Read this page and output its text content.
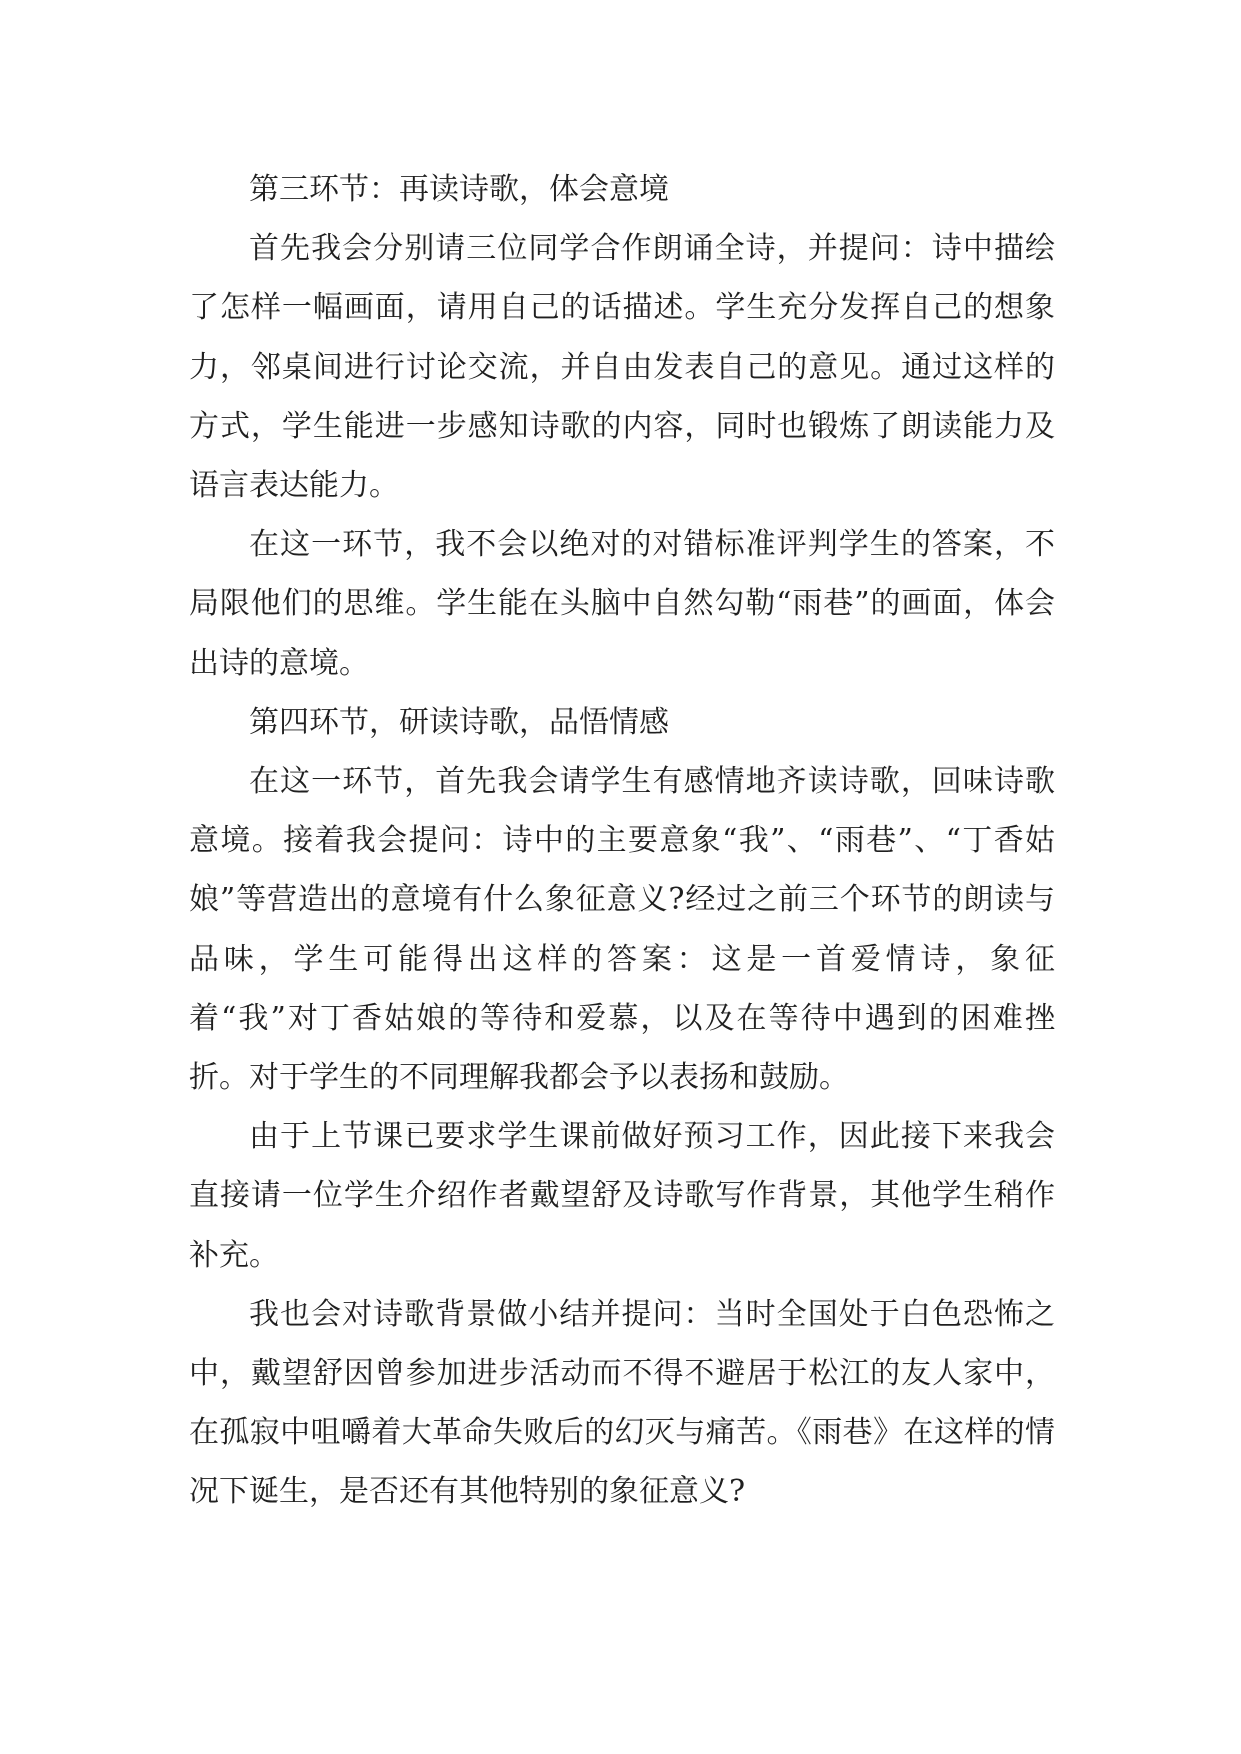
第三环节：再读诗歌，体会意境

首先我会分别请三位同学合作朗诵全诗，并提问：诗中描绘了怎样一幅画面，请用自己的话描述。学生充分发挥自己的想象力，邻桌间进行讨论交流，并自由发表自己的意见。通过这样的方式，学生能进一步感知诗歌的内容，同时也锻炼了朗读能力及语言表达能力。

在这一环节，我不会以绝对的对错标准评判学生的答案，不局限他们的思维。学生能在头脑中自然勾勒“雨巷”的画面，体会出诗的意境。

第四环节，研读诗歌，品悟情感

在这一环节，首先我会请学生有感情地齐读诗歌，回味诗歌意境。接着我会提问：诗中的主要意象“我”、“雨巷”、“丁香姑娘”等营造出的意境有什么象征意义?经过之前三个环节的朗读与品味，学生可能得出这样的答案：这是一首爱情诗，象征着“我”对丁香姑娘的等待和爱慕，以及在等待中遇到的困难挫折。对于学生的不同理解我都会予以表扬和鼓励。

由于上节课已要求学生课前做好预习工作，因此接下来我会直接请一位学生介绍作者戴望舒及诗歌写作背景，其他学生稍作补充。

我也会对诗歌背景做小结并提问：当时全国处于白色恐怖之中，戴望舒因曾参加进步活动而不得不避居于松江的友人家中，在孤寂中咀嚼着大革命失败后的幻灭与痛苦。《雨巷》在这样的情况下诞生，是否还有其他特别的象征意义?
